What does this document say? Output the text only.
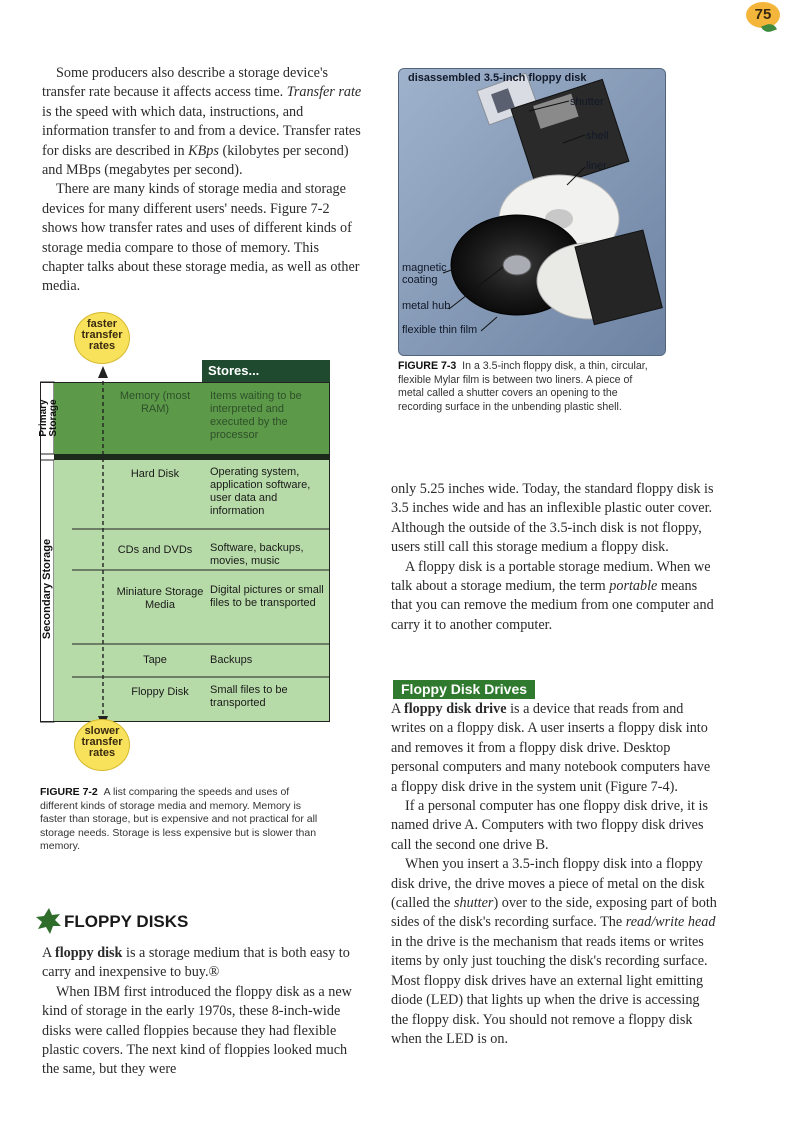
75

Some producers also describe a storage device's transfer rate because it affects access time. Transfer rate is the speed with which data, instructions, and information transfer to and from a device. Transfer rates for disks are described in KBps (kilobytes per second) and MBps (megabytes per second).

There are many kinds of storage media and storage devices for many different users' needs. Figure 7-2 shows how transfer rates and uses of different kinds of storage media compare to those of memory. This chapter talks about these storage media, as well as other media.

faster transfer rates
slower transfer rates
Stores...
Primary Storage
Secondary Storage
Memory (most RAM)
Hard Disk
CDs and DVDs
Miniature Storage Media
Tape
Floppy Disk
Items waiting to be interpreted and executed by the processor
Operating system, application software, user data and information
Software, backups, movies, music
Digital pictures or small files to be transported
Backups
Small files to be transported
FIGURE 7-2 A list comparing the speeds and uses of different kinds of storage media and memory. Memory is faster than storage, but is expensive and not practical for all storage needs. Storage is less expensive but is slower than memory.
FLOPPY DISKS

A floppy disk is a storage medium that is both easy to carry and inexpensive to buy.®

When IBM first introduced the floppy disk as a new kind of storage in the early 1970s, these 8-inch-wide disks were called floppies because they had flexible plastic covers. The next kind of floppies looked much the same, but they were

disassembled 3.5-inch floppy disk
shutter
shell
liner
magnetic coating
metal hub
flexible thin film
FIGURE 7-3 In a 3.5-inch floppy disk, a thin, circular, flexible Mylar film is between two liners. A piece of metal called a shutter covers an opening to the recording surface in the unbending plastic shell.

only 5.25 inches wide. Today, the standard floppy disk is 3.5 inches wide and has an inflexible plastic outer cover. Although the outside of the 3.5-inch disk is not floppy, users still call this storage medium a floppy disk.

A floppy disk is a portable storage medium. When we talk about a storage medium, the term portable means that you can remove the medium from one computer and carry it to another computer.

Floppy Disk Drives

A floppy disk drive is a device that reads from and writes on a floppy disk. A user inserts a floppy disk into and removes it from a floppy disk drive. Desktop personal computers and many notebook computers have a floppy disk drive in the system unit (Figure 7-4).

If a personal computer has one floppy disk drive, it is named drive A. Computers with two floppy disk drives call the second one drive B.

When you insert a 3.5-inch floppy disk into a floppy disk drive, the drive moves a piece of metal on the disk (called the shutter) over to the side, exposing part of both sides of the disk's recording surface. The read/write head in the drive is the mechanism that reads items or writes items by only just touching the disk's recording surface. Most floppy disk drives have an external light emitting diode (LED) that lights up when the drive is accessing the floppy disk. You should not remove a floppy disk when the LED is on.
